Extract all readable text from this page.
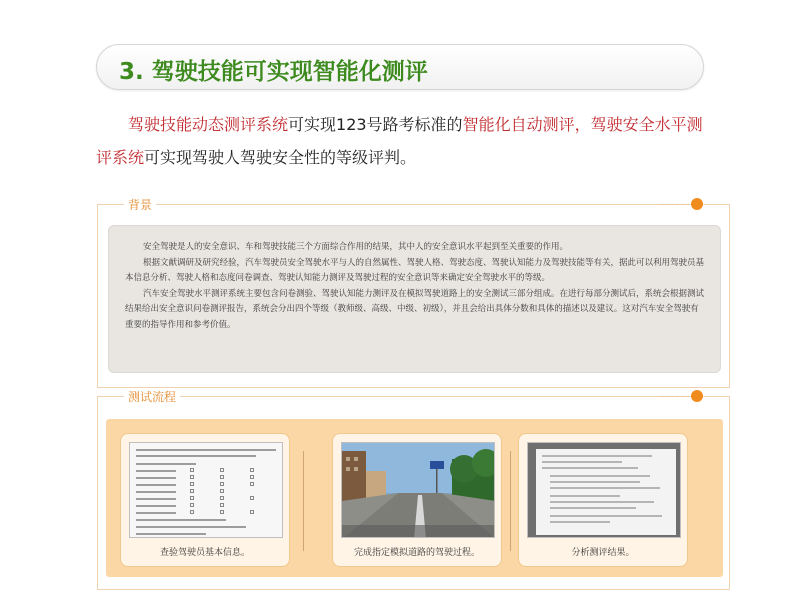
3. 驾驶技能可实现智能化测评
驾驶技能动态测评系统可实现123号路考标准的智能化自动测评，驾驶安全水平测评系统可实现驾驶人驾驶安全性的等级评判。
背景

安全驾驶是人的安全意识、车和驾驶技能三个方面综合作用的结果，其中人的安全意识水平起到至关重要的作用。

根据文献调研及研究经验，汽车驾驶员安全驾驶水平与人的自然属性、驾驶人格、驾驶态度、驾驶认知能力及驾驶技能等有关，据此可以利用驾驶员基本信息分析、驾驶人格和态度问卷调查、驾驶认知能力测评及驾驶过程的安全意识等来确定安全驾驶水平的等级。

汽车安全驾驶水平测评系统主要包含问卷测验、驾驶认知能力测评及在模拟驾驶道路上的安全测试三部分组成。在进行每部分测试后，系统会根据测试结果给出安全意识问卷测评报告，系统会分出四个等级（教师级、高级、中级、初级），并且会给出具体分数和具体的描述以及建议。这对汽车安全驾驶有重要的指导作用和参考价值。

测试流程
查验驾驶员基本信息。	完成指定模拟道路的驾驶过程。	分析测评结果。
